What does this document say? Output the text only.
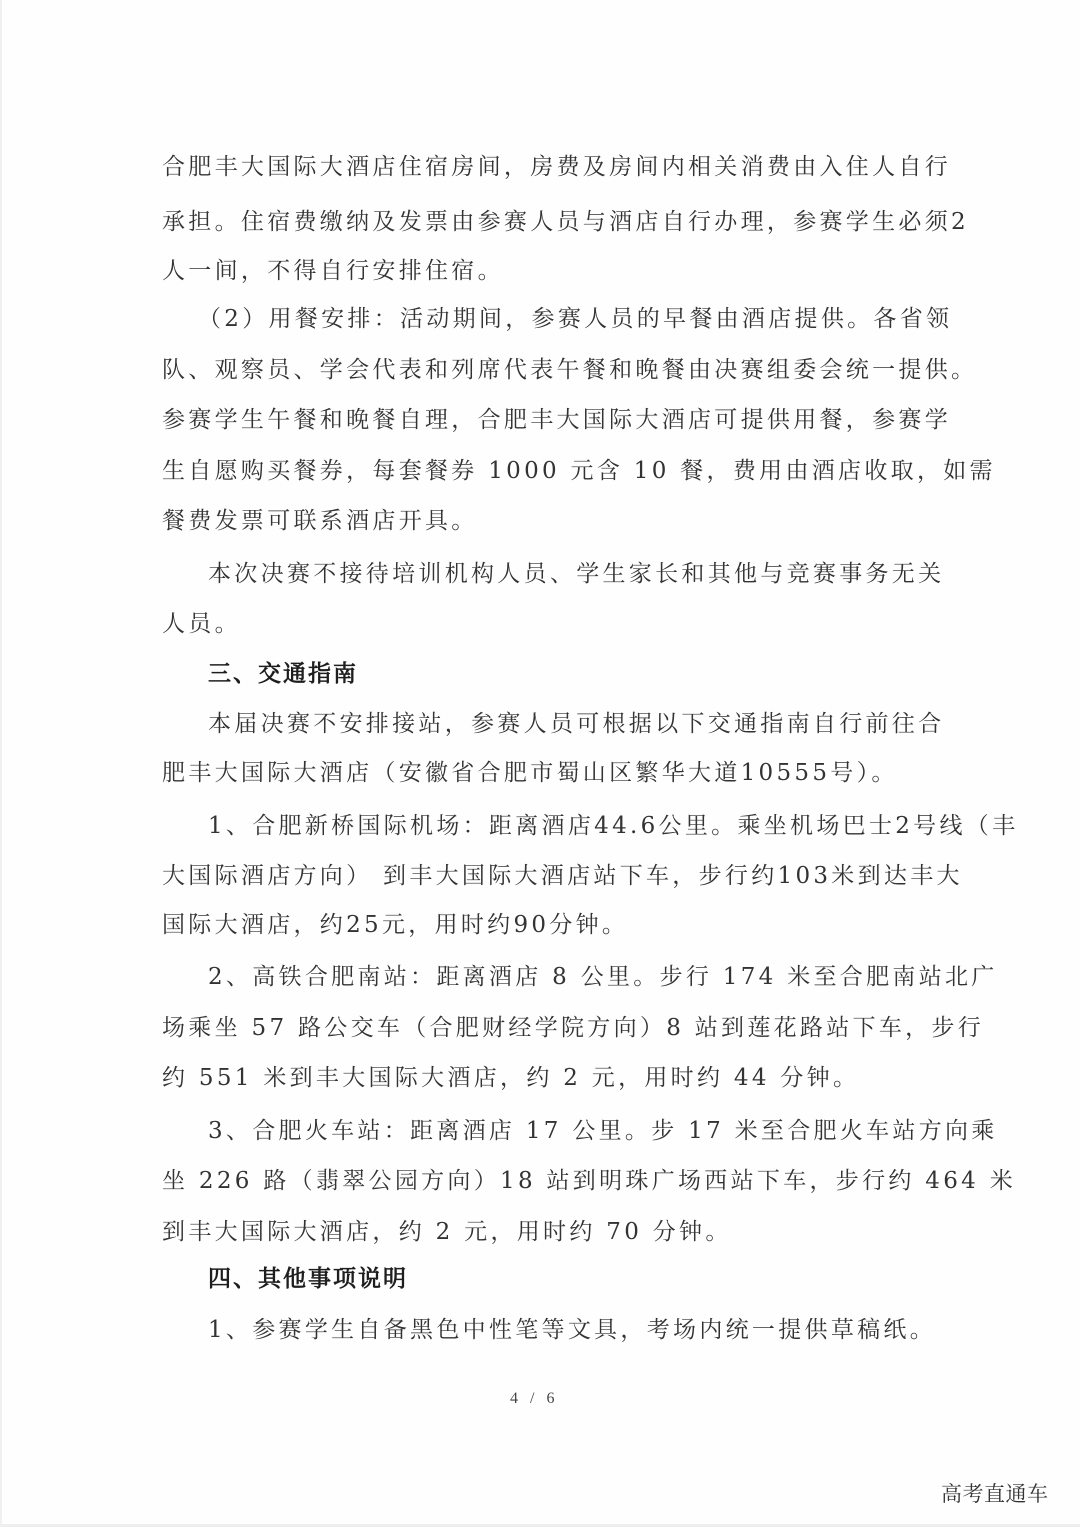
合肥丰大国际大酒店住宿房间，房费及房间内相关消费由入住人自行
承担。住宿费缴纳及发票由参赛人员与酒店自行办理，参赛学生必须2
人一间，不得自行安排住宿。
（2）用餐安排：活动期间，参赛人员的早餐由酒店提供。各省领
队、观察员、学会代表和列席代表午餐和晚餐由决赛组委会统一提供。
参赛学生午餐和晚餐自理，合肥丰大国际大酒店可提供用餐，参赛学
生自愿购买餐券，每套餐券 1000 元含 10 餐，费用由酒店收取，如需
餐费发票可联系酒店开具。
本次决赛不接待培训机构人员、学生家长和其他与竞赛事务无关
人员。
三、交通指南
本届决赛不安排接站，参赛人员可根据以下交通指南自行前往合
肥丰大国际大酒店（安徽省合肥市蜀山区繁华大道10555号）。
1、合肥新桥国际机场：距离酒店44.6公里。乘坐机场巴士2号线（丰
大国际酒店方向） 到丰大国际大酒店站下车，步行约103米到达丰大
国际大酒店，约25元，用时约90分钟。
2、高铁合肥南站：距离酒店 8 公里。步行 174 米至合肥南站北广
场乘坐 57 路公交车（合肥财经学院方向）8 站到莲花路站下车，步行
约 551 米到丰大国际大酒店，约 2 元，用时约 44 分钟。
3、合肥火车站：距离酒店 17 公里。步 17 米至合肥火车站方向乘
坐 226 路（翡翠公园方向）18 站到明珠广场西站下车，步行约 464 米
到丰大国际大酒店，约 2 元，用时约 70 分钟。
四、其他事项说明
1、参赛学生自备黑色中性笔等文具，考场内统一提供草稿纸。
4 / 6
高考直通车
